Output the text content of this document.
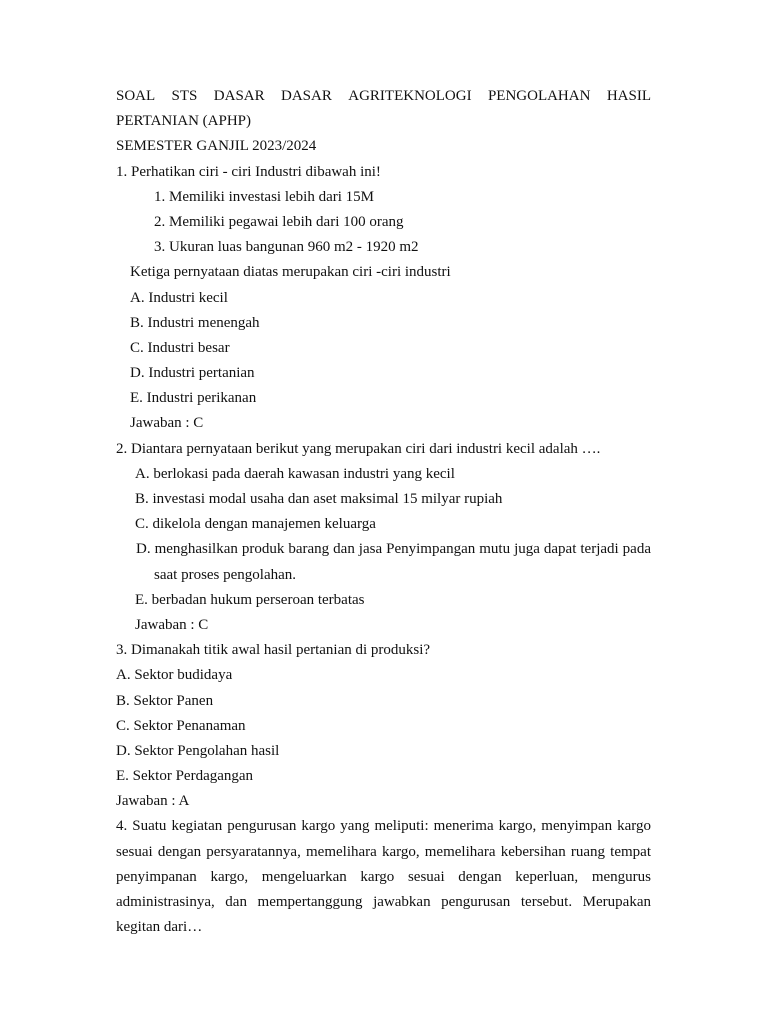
SOAL STS DASAR DASAR AGRITEKNOLOGI PENGOLAHAN HASIL
PERTANIAN (APHP)
SEMESTER GANJIL 2023/2024
1. Perhatikan ciri - ciri Industri dibawah ini!
1. Memiliki investasi lebih dari 15M
2. Memiliki pegawai lebih dari 100 orang
3. Ukuran luas bangunan 960 m2 - 1920 m2
Ketiga pernyataan diatas merupakan ciri -ciri industri
A. Industri kecil
B. Industri menengah
C. Industri besar
D. Industri pertanian
E. Industri perikanan
Jawaban : C
2. Diantara pernyataan berikut yang merupakan ciri dari industri kecil adalah ….
A. berlokasi pada daerah kawasan industri yang kecil
B. investasi modal usaha dan aset maksimal 15 milyar rupiah
C. dikelola dengan manajemen keluarga
D. menghasilkan produk barang dan jasa Penyimpangan mutu juga dapat terjadi pada saat proses pengolahan.
E. berbadan hukum perseroan terbatas
Jawaban : C
3. Dimanakah titik awal hasil pertanian di produksi?
A. Sektor budidaya
B. Sektor Panen
C. Sektor Penanaman
D. Sektor Pengolahan hasil
E. Sektor Perdagangan
Jawaban : A
4. Suatu kegiatan pengurusan kargo yang meliputi: menerima kargo, menyimpan kargo sesuai dengan persyaratannya, memelihara kargo, memelihara kebersihan ruang tempat penyimpanan kargo, mengeluarkan kargo sesuai dengan keperluan, mengurus administrasinya, dan mempertanggung jawabkan pengurusan tersebut. Merupakan kegitan dari…
